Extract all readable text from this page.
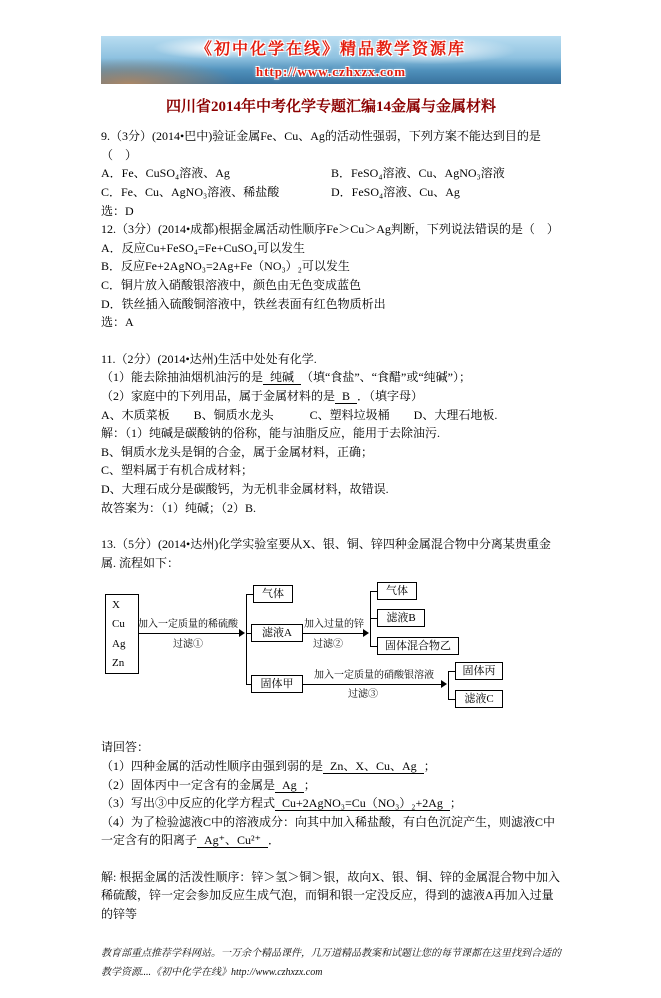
《初中化学在线》精品教学资源库
http://www.czhxzx.com
四川省2014年中考化学专题汇编14金属与金属材料
9.（3分）(2014•巴中)验证金属Fe、Cu、Ag的活动性强弱，下列方案不能达到目的是（　）
A．Fe、CuSO₄溶液、Ag	B．FeSO₄溶液、Cu、AgNO₃溶液
C．Fe、Cu、AgNO₃溶液、稀盐酸	D．FeSO₄溶液、Cu、Ag
选：D
12.（3分）(2014•成都)根据金属活动性顺序Fe＞Cu＞Ag判断，下列说法错误的是（　）
A．反应Cu+FeSO₄=Fe+CuSO₄可以发生
B．反应Fe+2AgNO₃=2Ag+Fe（NO₃）₂可以发生
C．铜片放入硝酸银溶液中，颜色由无色变成蓝色
D．铁丝插入硫酸铜溶液中，铁丝表面有红色物质析出
选：A
11.（2分）(2014•达州)生活中处处有化学.
（1）能去除抽油烟机油污的是 纯碱 （填“食盐”、“食醋”或“纯碱”）；
（2）家庭中的下列用品，属于金属材料的是 B ．（填字母）
A、木质菜板　　B、铜质水龙头　　　C、塑料垃圾桶　　D、大理石地板.
解：（1）纯碱是碳酸钠的俗称，能与油脂反应，能用于去除油污.
B、铜质水龙头是铜的合金，属于金属材料，正确；
C、塑料属于有机合成材料；
D、大理石成分是碳酸钙，为无机非金属材料，故错误.
故答案为：（1）纯碱；（2）B.
13.（5分）(2014•达州)化学实验室要从X、银、铜、锌四种金属混合物中分离某贵重金属. 流程如下：
X
Cu
Ag
Zn
加入一定质量的稀硫酸
过滤①
气体
滤液A
固体甲
加入过量的锌
过滤②
气体
滤液B
固体混合物乙
加入一定质量的硝酸银溶液
过滤③
固体丙
滤液C
请回答：
（1）四种金属的活动性顺序由强到弱的是 Zn、X、Cu、Ag ；
（2）固体丙中一定含有的金属是 Ag ；
（3）写出③中反应的化学方程式 Cu+2AgNO₃=Cu（NO₃）₂+2Ag ；
（4）为了检验滤液C中的溶液成分：向其中加入稀盐酸，有白色沉淀产生，则滤液C中一定含有的阳离子 Ag⁺、Cu²⁺ ．
解: 根据金属的活泼性顺序：锌＞氢＞铜＞银，故向X、银、铜、锌的金属混合物中加入稀硫酸，锌一定会参加反应生成气泡，而铜和银一定没反应，得到的滤液A再加入过量的锌等
教育部重点推荐学科网站。一万余个精品课件，几万道精品教案和试题让您的每节课都在这里找到合适的教学资源....《初中化学在线》http://www.czhxzx.com
